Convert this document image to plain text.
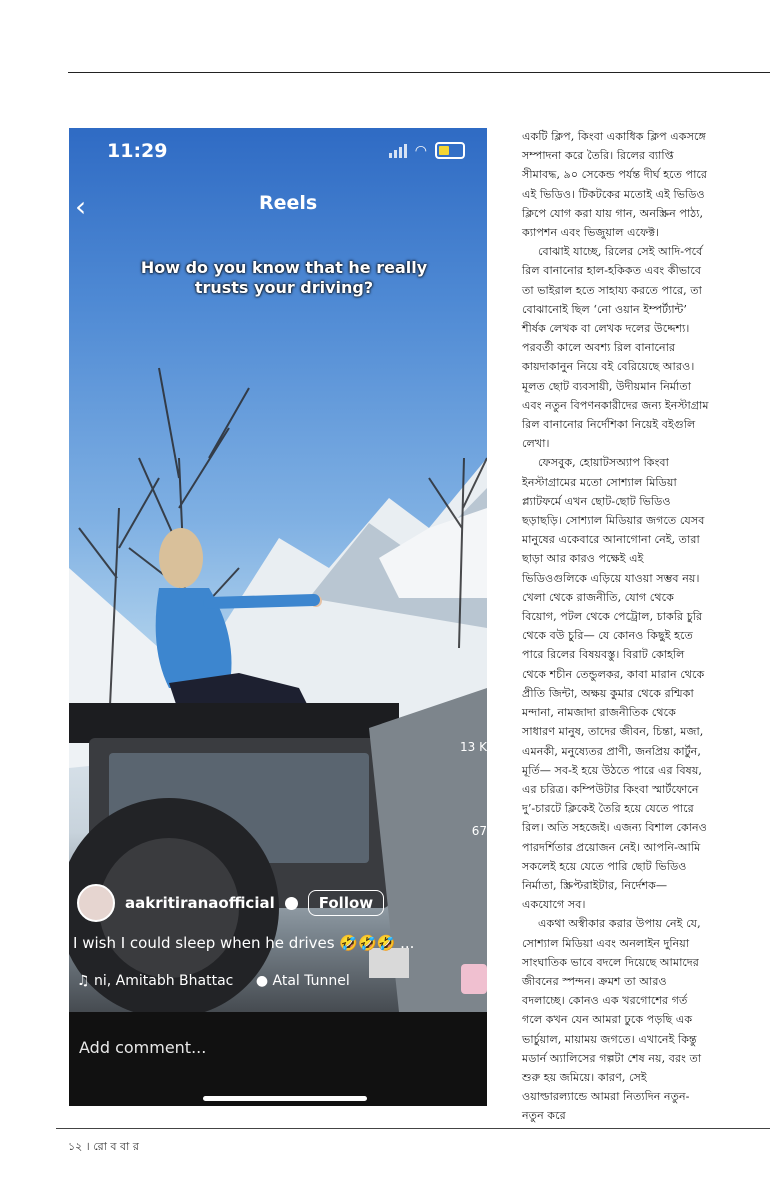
11:29	◠
‹	Reels
How do you know that he really trusts your driving?
13 K
67
aakritiranaofficial	Follow
I wish I could sleep when he drives 🤣🤣🤣 ...
♫ ni, Amitabh Bhattac ● Atal Tunnel
Add comment...

একটি ক্লিপ, কিংবা একাধিক ক্লিপ একসঙ্গে সম্পাদনা করে তৈরি। রিলের ব্যাপ্তি সীমাবদ্ধ, ৯০ সেকেন্ড পর্যন্ত দীর্ঘ হতে পারে এই ভিডিও। টিকটকের মতোই এই ভিডিও ক্লিপে যোগ করা যায় গান, অনস্ক্রিন পাঠ্য, ক্যাপশন এবং ভিজুয়াল এফেক্ট।

বোঝাই যাচ্ছে, রিলের সেই আদি-পর্বে রিল বানানোর হাল-হকিকত এবং কীভাবে তা ভাইরাল হতে সাহায্য করতে পারে, তা বোঝানোই ছিল ‘নো ওয়ান ইম্পর্ট্যান্ট’ শীর্ষক লেখক বা লেখক দলের উদ্দেশ্য। পরবর্তী কালে অবশ্য রিল বানানোর কায়দাকানুন নিয়ে বই বেরিয়েছে আরও। মূলত ছোট ব্যবসায়ী, উদীয়মান নির্মাতা এবং নতুন বিপণনকারীদের জন্য ইনস্টাগ্রাম রিল বানানোর নির্দেশিকা নিয়েই বইগুলি লেখা।

ফেসবুক, হোয়াটসঅ্যাপ কিংবা ইনস্টাগ্রামের মতো সোশ্যাল মিডিয়া প্ল্যাটফর্মে এখন ছোট-ছোট ভিডিও ছড়াছড়ি। সোশ্যাল মিডিয়ার জগতে যেসব মানুষের একেবারে আনাগোনা নেই, তারা ছাড়া আর কারও পক্ষেই এই ভিডিওগুলিকে এড়িয়ে যাওয়া সম্ভব নয়। খেলা থেকে রাজনীতি, যোগ থেকে বিয়োগ, পটল থেকে পেট্রোল, চাকরি চুরি থেকে বউ চুরি— যে কোনও কিছুই হতে পারে রিলের বিষয়বস্তু। বিরাট কোহলি থেকে শচীন তেন্ডুলকর, কাবা মারান থেকে প্রীতি জিন্টা, অক্ষয় কুমার থেকে রশ্মিকা মন্দানা, নামজাদা রাজনীতিক থেকে সাধারণ মানুষ, তাদের জীবন, চিন্তা, মজা, এমনকী, মনুষ্যেতর প্রাণী, জনপ্রিয় কার্টুন, মূর্তি— সব-ই হয়ে উঠতে পারে এর বিষয়, এর চরিত্র। কম্পিউটার কিংবা স্মার্টফোনে দু’-চারটে ক্লিকেই তৈরি হয়ে যেতে পারে রিল। অতি সহজেই। এজন্য বিশাল কোনও পারদর্শিতার প্রয়োজন নেই। আপনি-আমি সকলেই হয়ে যেতে পারি ছোট ভিডিও নির্মাতা, স্ক্রিপ্টরাইটার, নির্দেশক— একযোগে সব।

একথা অস্বীকার করার উপায় নেই যে, সোশ্যাল মিডিয়া এবং অনলাইন দুনিয়া সাংঘাতিক ভাবে বদলে দিয়েছে আমাদের জীবনের স্পন্দন। ক্রমশ তা আরও বদলাচ্ছে। কোনও এক খরগোশের গর্ত গলে কখন যেন আমরা ঢুকে পড়ছি এক ভার্চুয়াল, মায়াময় জগতে। এখানেই কিন্তু মডার্ন অ্যালিসের গল্পটা শেষ নয়, বরং তা শুরু হয় জমিয়ে। কারণ, সেই ওয়াল্ডারল্যান্ডে আমরা নিত্যদিন নতুন-নতুন করে

১২ । রো ব বা র
